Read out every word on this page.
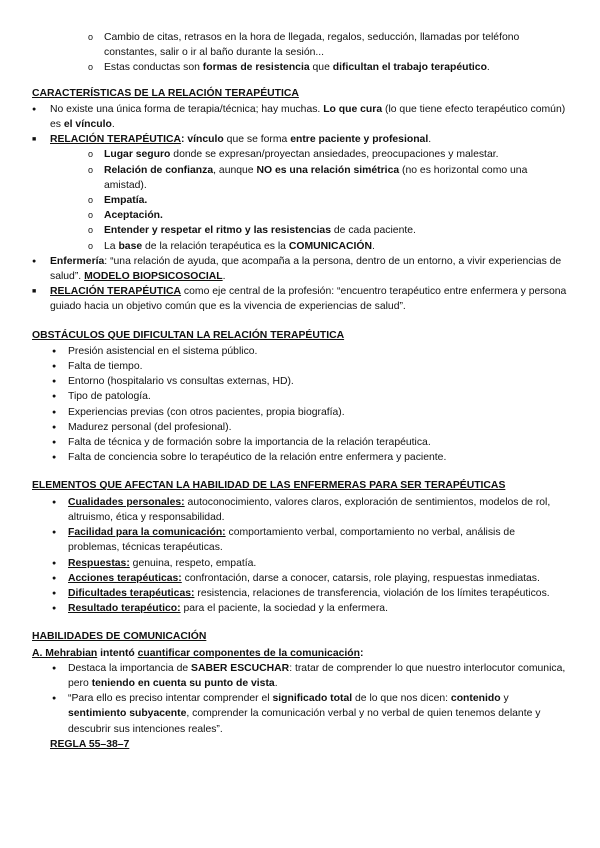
o Cambio de citas, retrasos en la hora de llegada, regalos, seducción, llamadas por teléfono constantes, salir o ir al baño durante la sesión...
o Estas conductas son formas de resistencia que dificultan el trabajo terapéutico.
CARACTERÍSTICAS DE LA RELACIÓN TERAPÉUTICA
● No existe una única forma de terapia/técnica; hay muchas. Lo que cura (lo que tiene efecto terapéutico común) es el vínculo.
■ RELACIÓN TERAPÉUTICA: vínculo que se forma entre paciente y profesional.
o Lugar seguro donde se expresan/proyectan ansiedades, preocupaciones y malestar.
o Relación de confianza, aunque NO es una relación simétrica (no es horizontal como una amistad).
o Empatía.
o Aceptación.
o Entender y respetar el ritmo y las resistencias de cada paciente.
o La base de la relación terapéutica es la COMUNICACIÓN.
● Enfermería: “una relación de ayuda, que acompaña a la persona, dentro de un entorno, a vivir experiencias de salud”. MODELO BIOPSICOSOCIAL.
■ RELACIÓN TERAPÉUTICA como eje central de la profesión: “encuentro terapéutico entre enfermera y persona guiado hacia un objetivo común que es la vivencia de experiencias de salud”.
OBSTÁCULOS QUE DIFICULTAN LA RELACIÓN TERAPÉUTICA
● Presión asistencial en el sistema público.
● Falta de tiempo.
● Entorno (hospitalario vs consultas externas, HD).
● Tipo de patología.
● Experiencias previas (con otros pacientes, propia biografía).
● Madurez personal (del profesional).
● Falta de técnica y de formación sobre la importancia de la relación terapéutica.
● Falta de conciencia sobre lo terapéutico de la relación entre enfermera y paciente.
ELEMENTOS QUE AFECTAN LA HABILIDAD DE LAS ENFERMERAS PARA SER TERAPÉUTICAS
● Cualidades personales: autoconocimiento, valores claros, exploración de sentimientos, modelos de rol, altruismo, ética y responsabilidad.
● Facilidad para la comunicación: comportamiento verbal, comportamiento no verbal, análisis de problemas, técnicas terapéuticas.
● Respuestas: genuina, respeto, empatía.
● Acciones terapéuticas: confrontación, darse a conocer, catarsis, role playing, respuestas inmediatas.
● Dificultades terapéuticas: resistencia, relaciones de transferencia, violación de los límites terapéuticos.
● Resultado terapéutico: para el paciente, la sociedad y la enfermera.
HABILIDADES DE COMUNICACIÓN
A. Mehrabian intentó cuantificar componentes de la comunicación:
● Destaca la importancia de SABER ESCUCHAR: tratar de comprender lo que nuestro interlocutor comunica, pero teniendo en cuenta su punto de vista.
● “Para ello es preciso intentar comprender el significado total de lo que nos dicen: contenido y sentimiento subyacente, comprender la comunicación verbal y no verbal de quien tenemos delante y descubrir sus intenciones reales”.
REGLA 55–38–7
